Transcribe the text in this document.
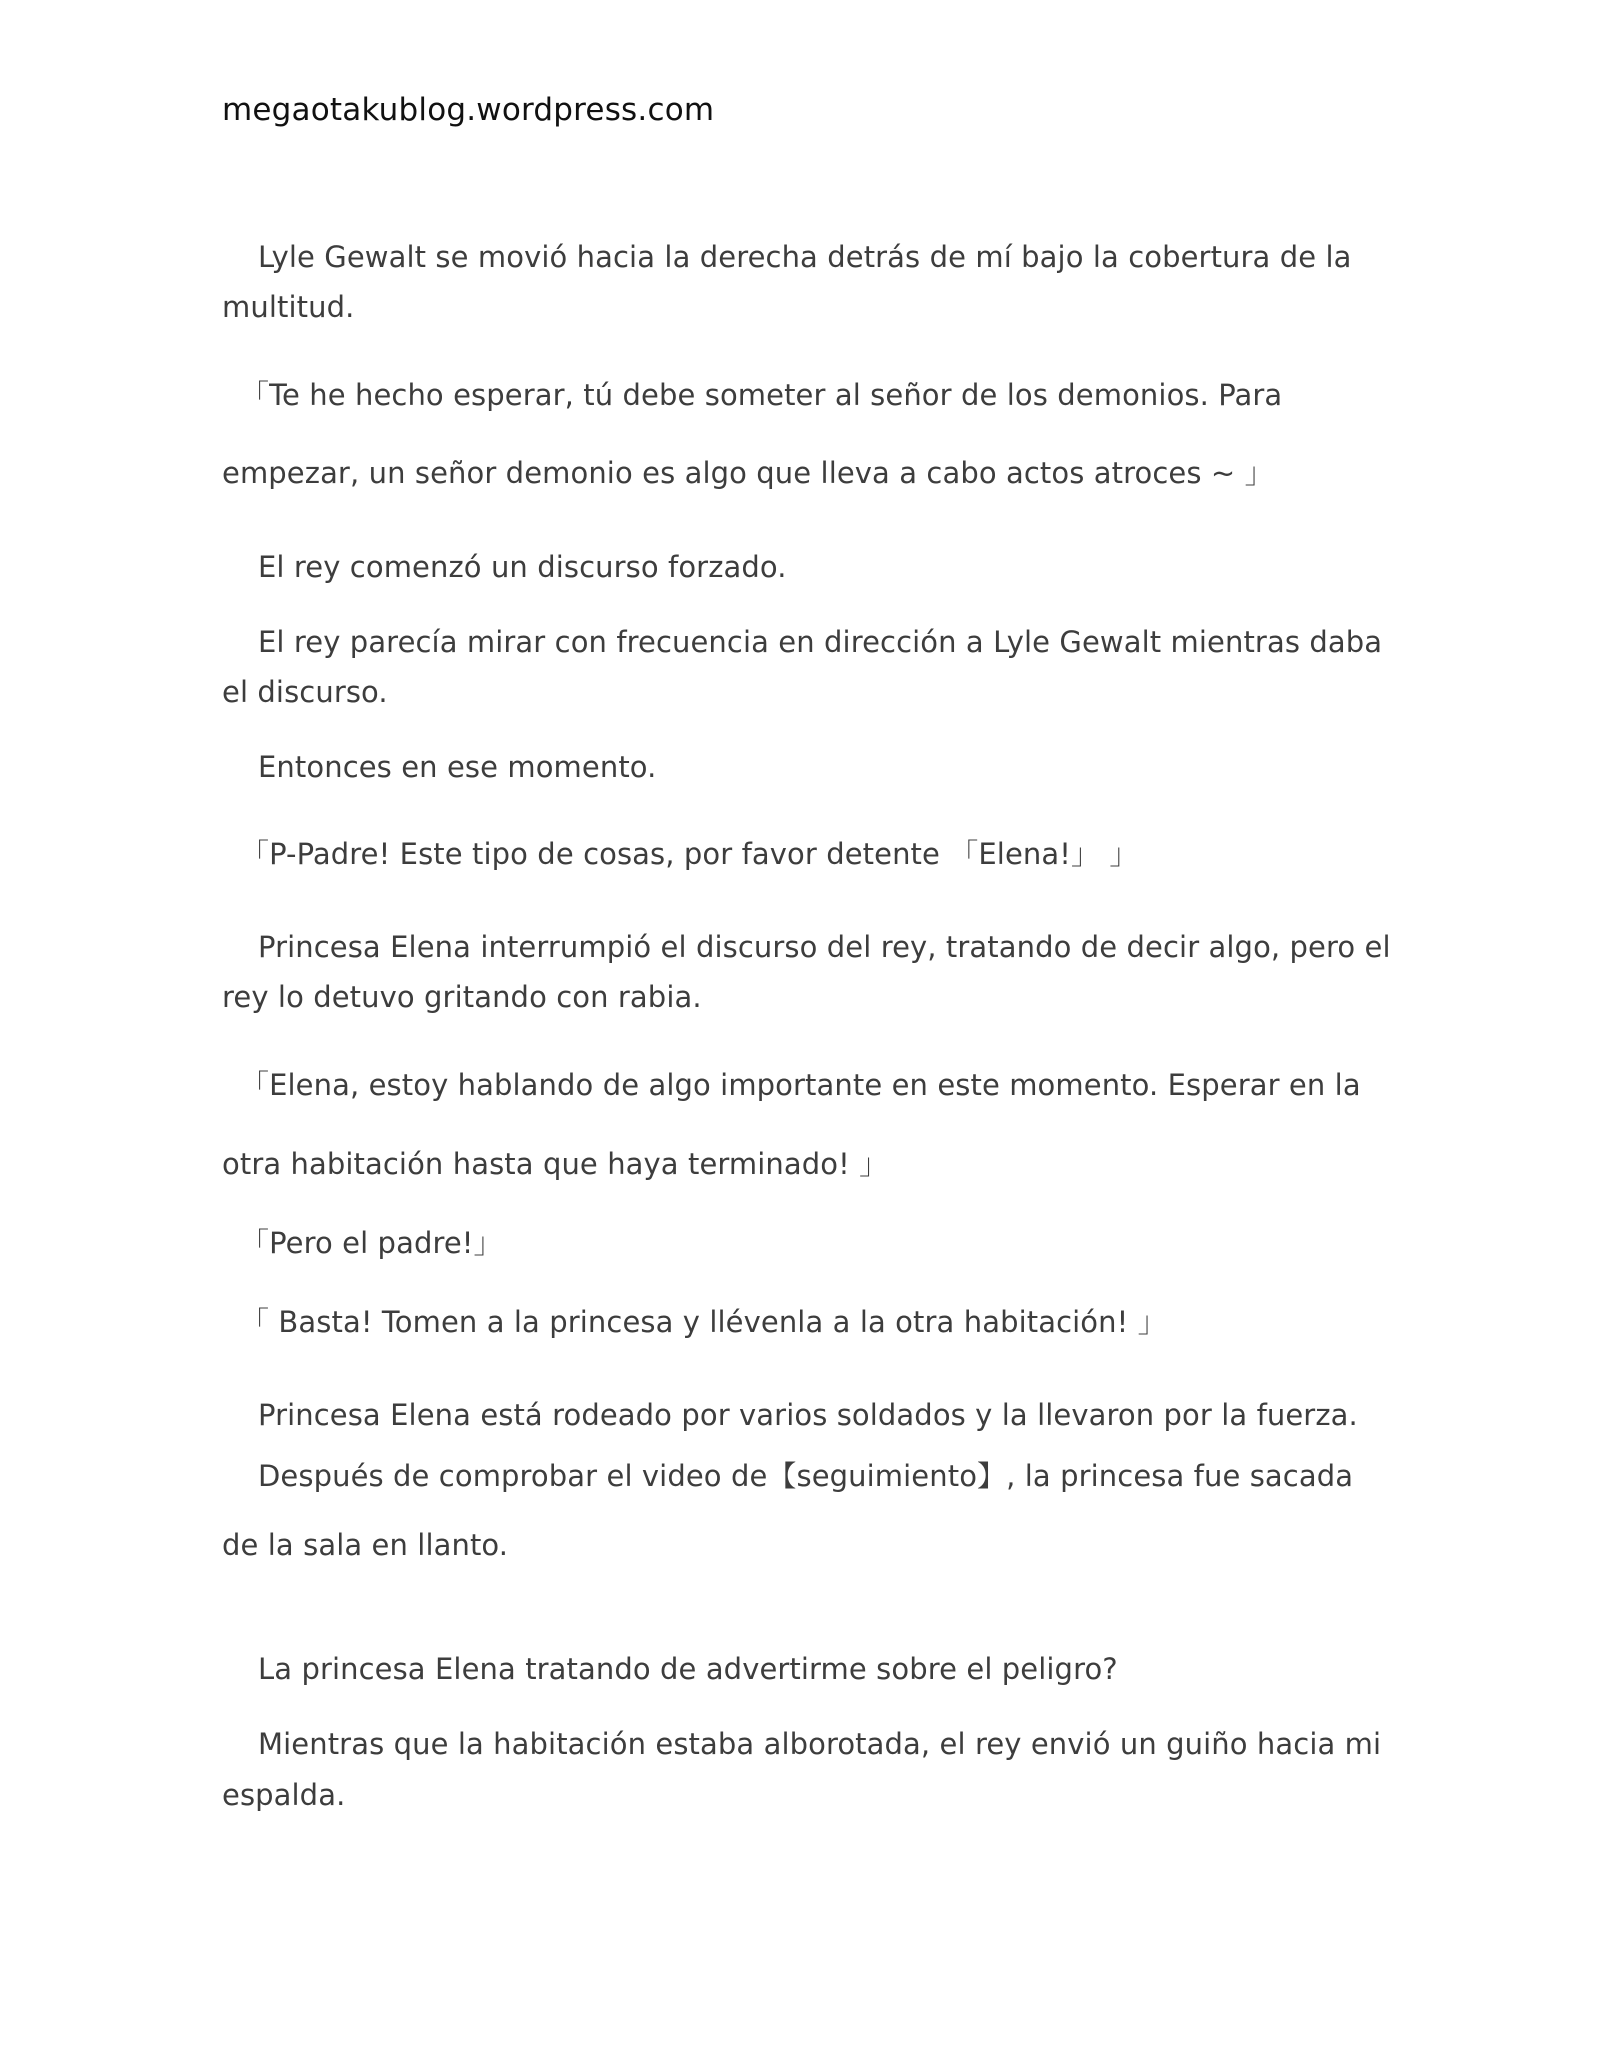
megaotakublog.wordpress.com
Lyle Gewalt se movió hacia la derecha detrás de mí bajo la cobertura de la
multitud.
「Te he hecho esperar, tú debe someter al señor de los demonios. Para
empezar, un señor demonio es algo que lleva a cabo actos atroces ~ 」
El rey comenzó un discurso forzado.
El rey parecía mirar con frecuencia en dirección a Lyle Gewalt mientras daba
el discurso.
Entonces en ese momento.
「P-Padre! Este tipo de cosas, por favor detente 「Elena!」 」
Princesa Elena interrumpió el discurso del rey, tratando de decir algo, pero el
rey lo detuvo gritando con rabia.
「Elena, estoy hablando de algo importante en este momento. Esperar en la
otra habitación hasta que haya terminado! 」
「Pero el padre!」
「 Basta! Tomen a la princesa y llévenla a la otra habitación! 」
Princesa Elena está rodeado por varios soldados y la llevaron por la fuerza.
Después de comprobar el video de【seguimiento】, la princesa fue sacada
de la sala en llanto.
La princesa Elena tratando de advertirme sobre el peligro?
Mientras que la habitación estaba alborotada, el rey envió un guiño hacia mi
espalda.
